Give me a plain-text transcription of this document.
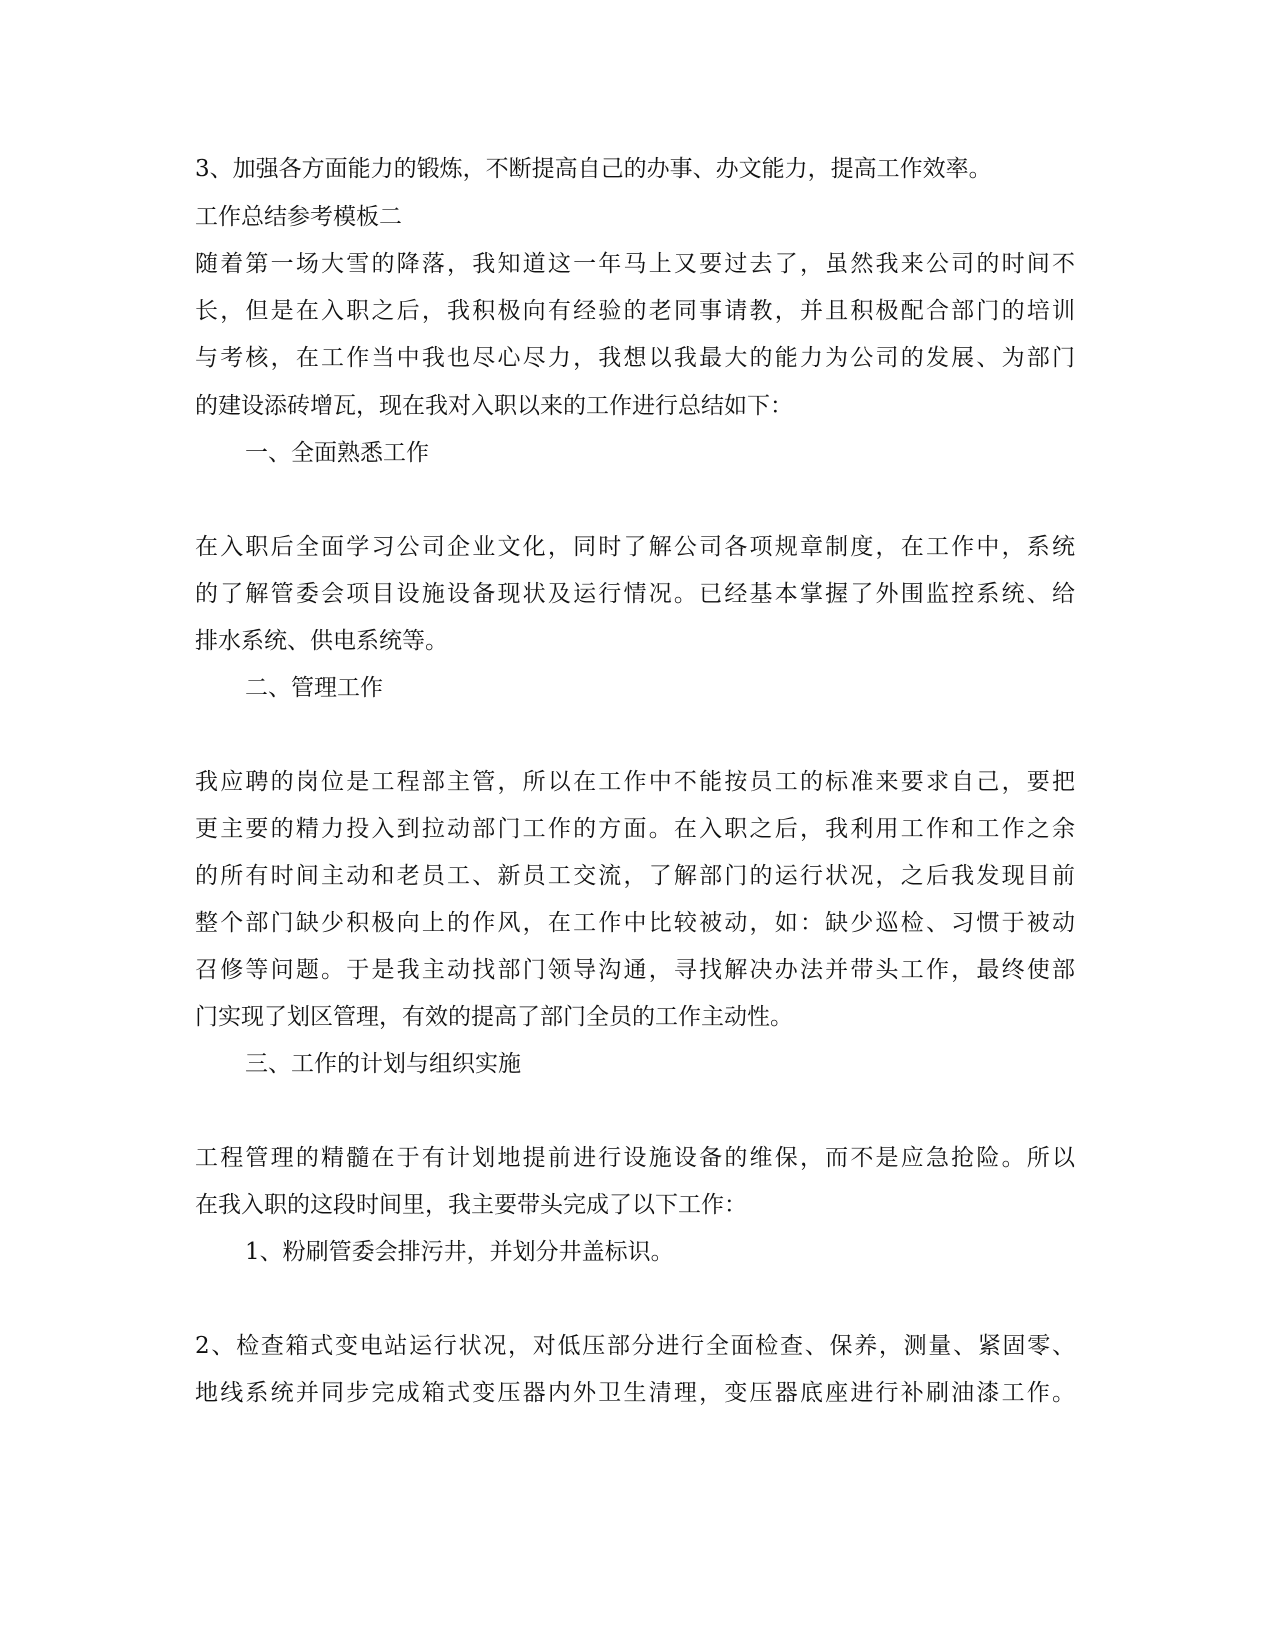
3、加强各方面能力的锻炼，不断提高自己的办事、办文能力，提高工作效率。

工作总结参考模板二

随着第一场大雪的降落，我知道这一年马上又要过去了，虽然我来公司的时间不

长，但是在入职之后，我积极向有经验的老同事请教，并且积极配合部门的培训

与考核，在工作当中我也尽心尽力，我想以我最大的能力为公司的发展、为部门

的建设添砖增瓦，现在我对入职以来的工作进行总结如下：

一、全面熟悉工作

在入职后全面学习公司企业文化，同时了解公司各项规章制度，在工作中，系统

的了解管委会项目设施设备现状及运行情况。已经基本掌握了外围监控系统、给

排水系统、供电系统等。

二、管理工作

我应聘的岗位是工程部主管，所以在工作中不能按员工的标准来要求自己，要把

更主要的精力投入到拉动部门工作的方面。在入职之后，我利用工作和工作之余

的所有时间主动和老员工、新员工交流，了解部门的运行状况，之后我发现目前

整个部门缺少积极向上的作风，在工作中比较被动，如：缺少巡检、习惯于被动

召修等问题。于是我主动找部门领导沟通，寻找解决办法并带头工作，最终使部

门实现了划区管理，有效的提高了部门全员的工作主动性。

三、工作的计划与组织实施

工程管理的精髓在于有计划地提前进行设施设备的维保，而不是应急抢险。所以

在我入职的这段时间里，我主要带头完成了以下工作：

1、粉刷管委会排污井，并划分井盖标识。

2、检查箱式变电站运行状况，对低压部分进行全面检查、保养，测量、紧固零、

地线系统并同步完成箱式变压器内外卫生清理，变压器底座进行补刷油漆工作。
